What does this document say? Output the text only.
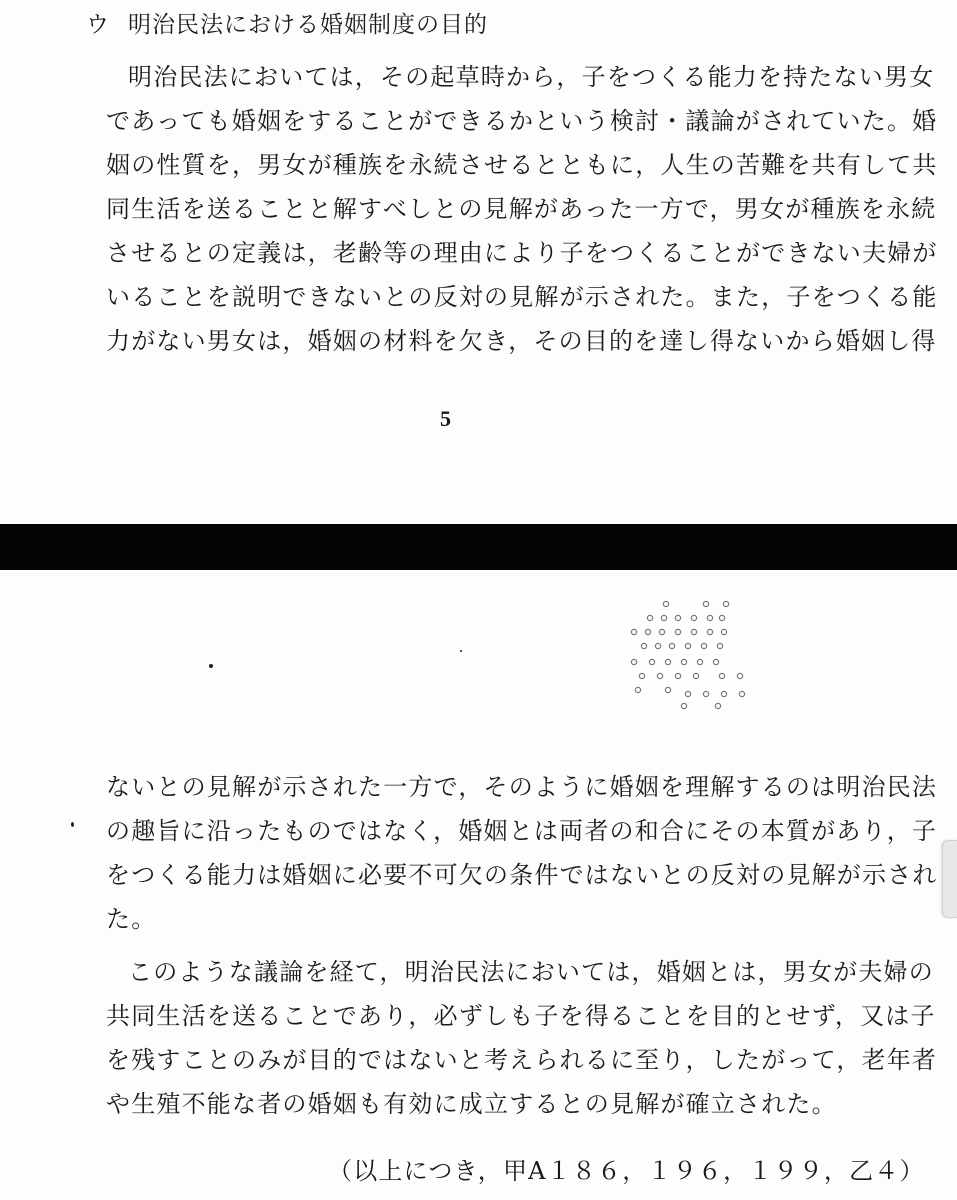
ウ 明治民法における婚姻制度の目的
明治民法においては，その起草時から，子をつくる能力を持たない男女
であっても婚姻をすることができるかという検討・議論がされていた。婚
姻の性質を，男女が種族を永続させるとともに，人生の苦難を共有して共
同生活を送ることと解すべしとの見解があった一方で，男女が種族を永続
させるとの定義は，老齢等の理由により子をつくることができない夫婦が
いることを説明できないとの反対の見解が示された。また，子をつくる能
力がない男女は，婚姻の材料を欠き，その目的を達し得ないから婚姻し得
5
ないとの見解が示された一方で，そのように婚姻を理解するのは明治民法
の趣旨に沿ったものではなく，婚姻とは両者の和合にその本質があり，子
をつくる能力は婚姻に必要不可欠の条件ではないとの反対の見解が示され
た。
このような議論を経て，明治民法においては，婚姻とは，男女が夫婦の
共同生活を送ることであり，必ずしも子を得ることを目的とせず，又は子
を残すことのみが目的ではないと考えられるに至り，したがって，老年者
や生殖不能な者の婚姻も有効に成立するとの見解が確立された。
（以上につき，甲A１８６，１９６，１９９，乙４）
